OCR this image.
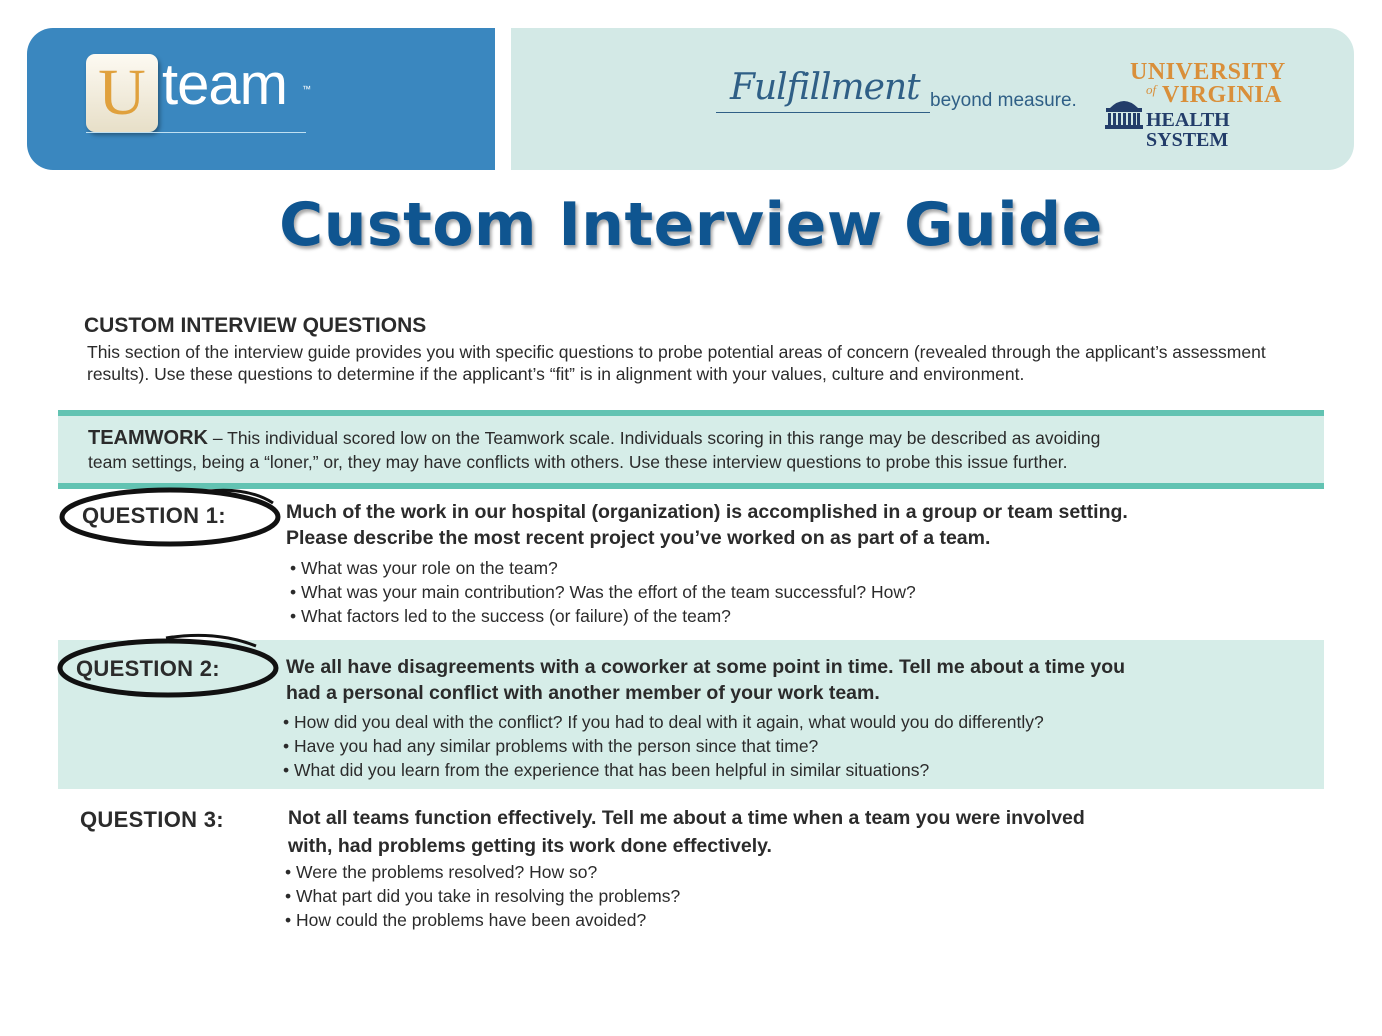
U team ™	Fulfillment beyond measure.
UNIVERSITY
of VIRGINIA
HEALTH SYSTEM
Custom Interview Guide
CUSTOM INTERVIEW QUESTIONS
This section of the interview guide provides you with specific questions to probe potential areas of concern (revealed through the applicant’s assessment results). Use these questions to determine if the applicant’s “fit” is in alignment with your values, culture and environment.
TEAMWORK – This individual scored low on the Teamwork scale. Individuals scoring in this range may be described as avoiding
team settings, being a “loner,” or, they may have conflicts with others. Use these interview questions to probe this issue further.
QUESTION 1:	Much of the work in our hospital (organization) is accomplished in a group or team setting.
Please describe the most recent project you’ve worked on as part of a team.
• What was your role on the team?
• What was your main contribution? Was the effort of the team successful? How?
• What factors led to the success (or failure) of the team?
QUESTION 2:	We all have disagreements with a coworker at some point in time. Tell me about a time you
had a personal conflict with another member of your work team.
• How did you deal with the conflict? If you had to deal with it again, what would you do differently?
• Have you had any similar problems with the person since that time?
• What did you learn from the experience that has been helpful in similar situations?
QUESTION 3:	Not all teams function effectively. Tell me about a time when a team you were involved
with, had problems getting its work done effectively.
• Were the problems resolved? How so?
• What part did you take in resolving the problems?
• How could the problems have been avoided?
